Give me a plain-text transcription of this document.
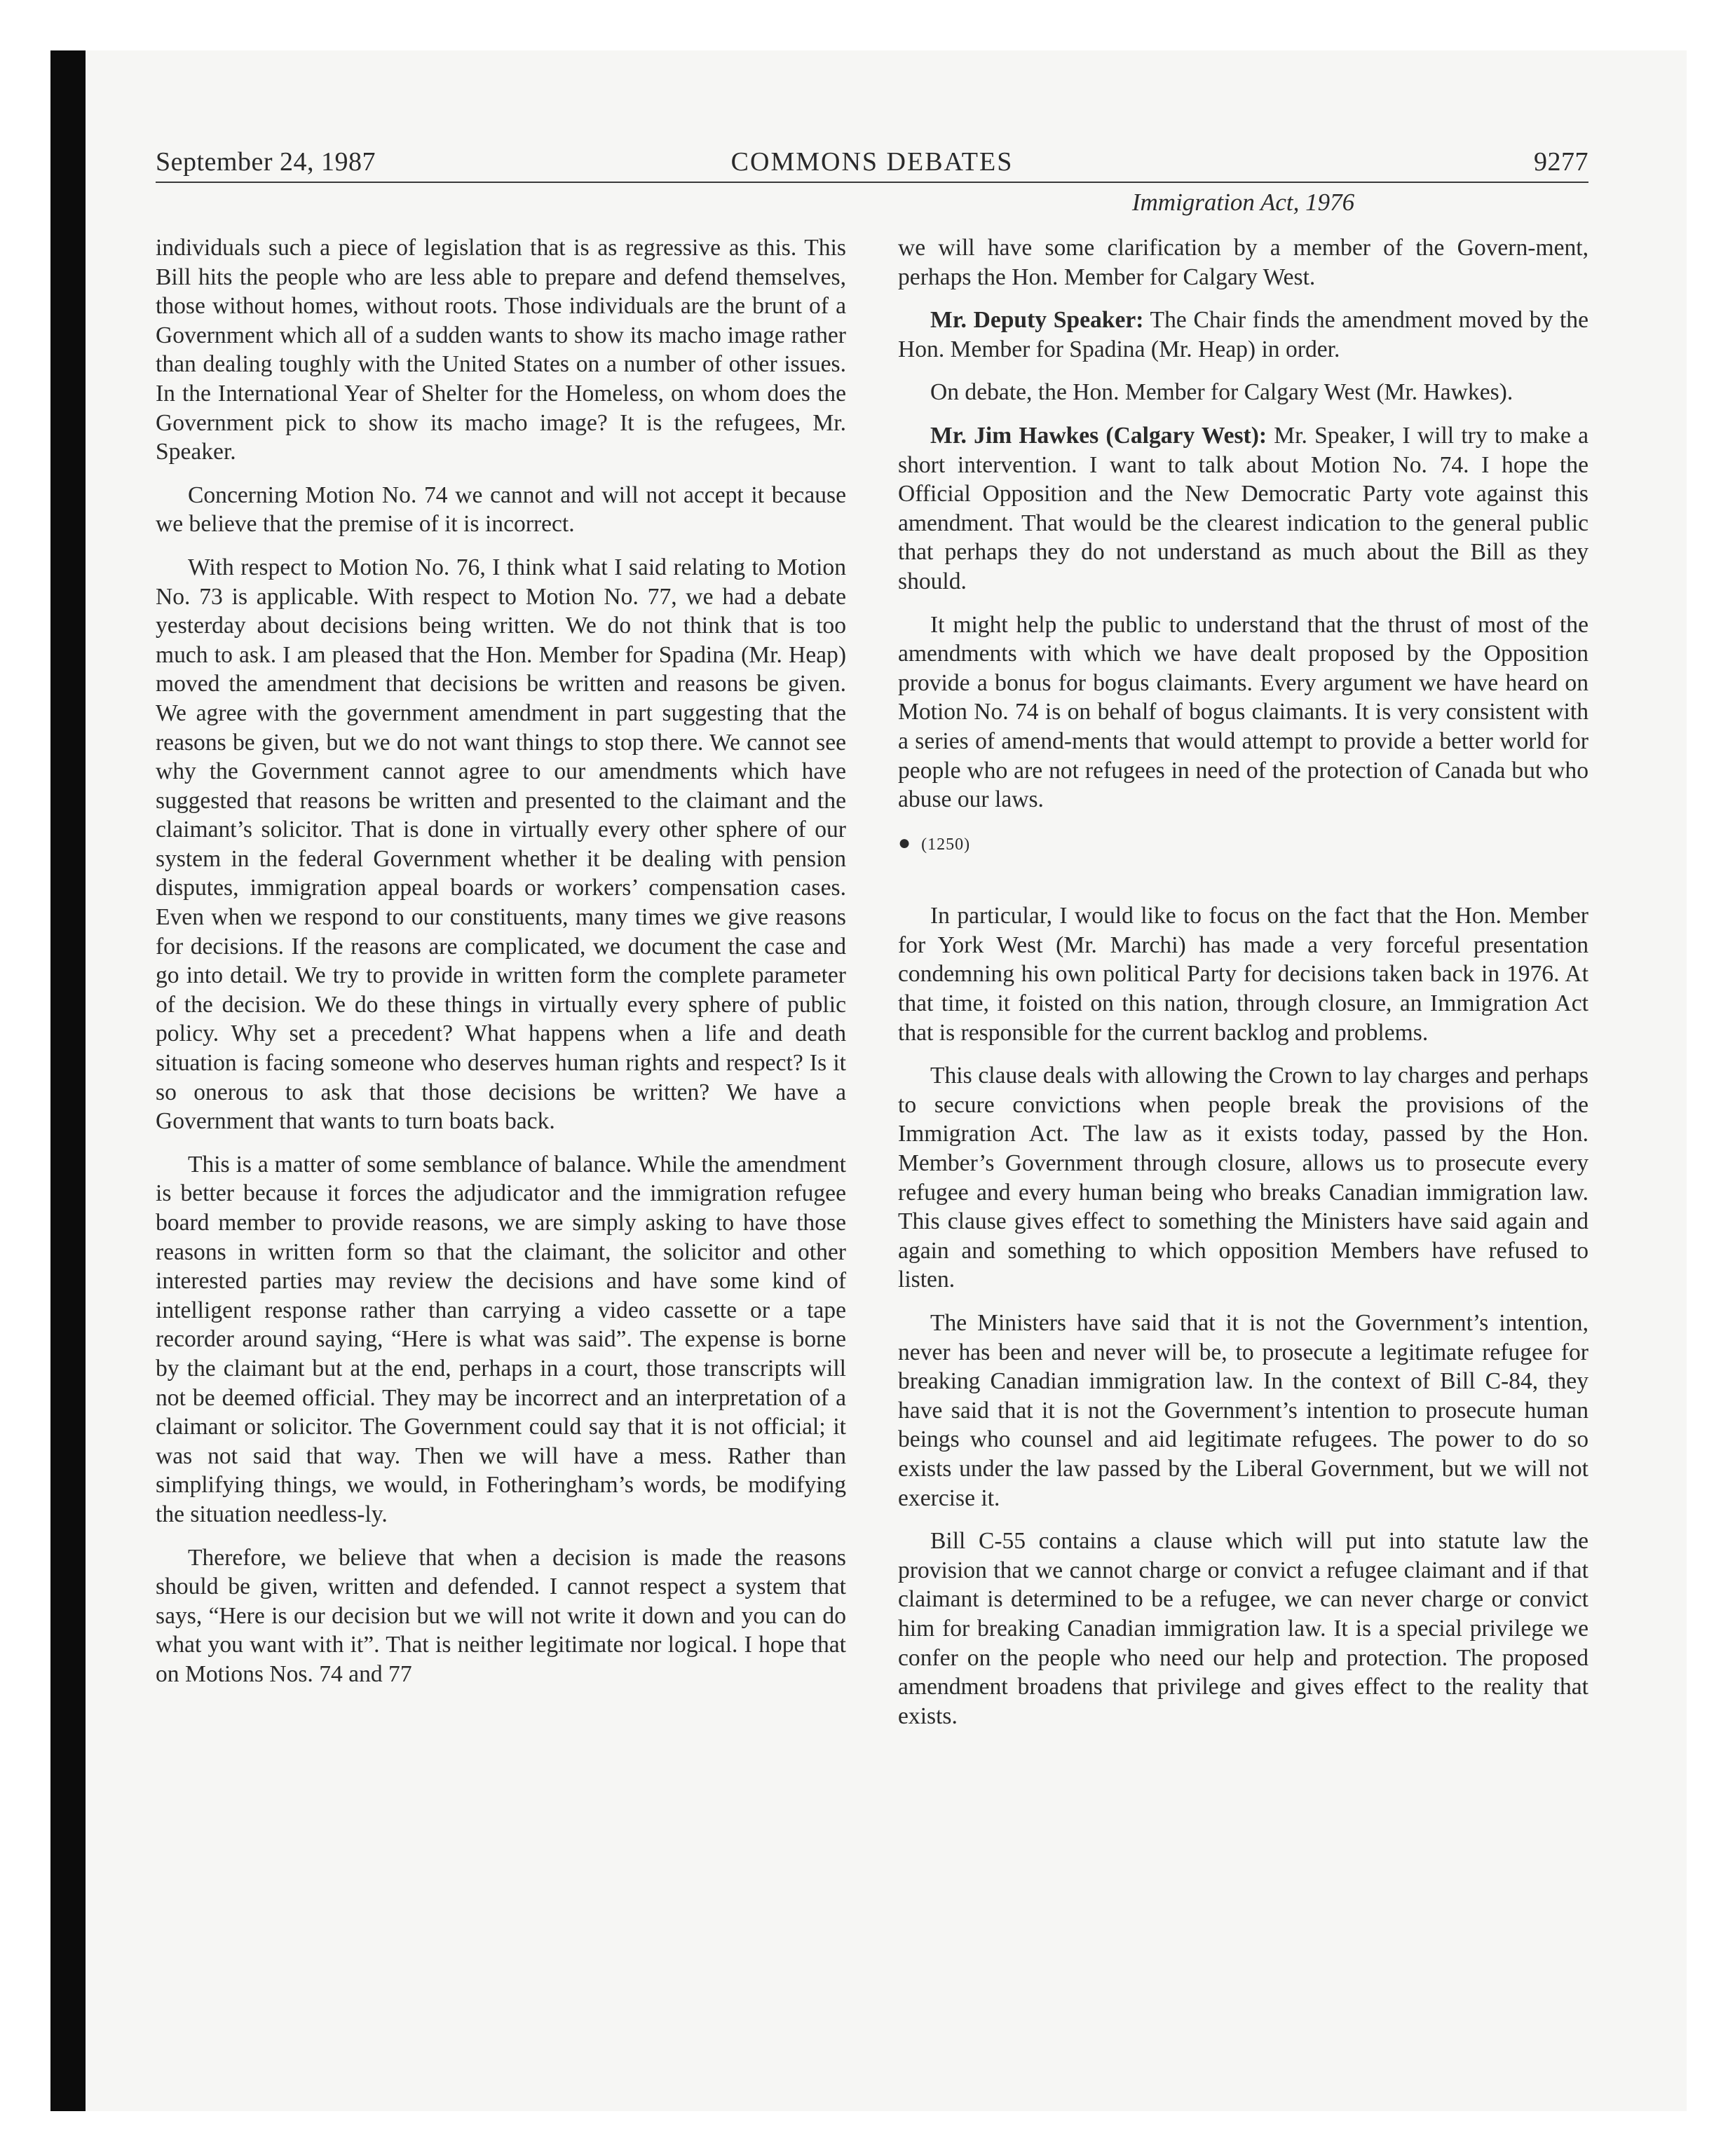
September 24, 1987	COMMONS DEBATES	9277

individuals such a piece of legislation that is as regressive as this. This Bill hits the people who are less able to prepare and defend themselves, those without homes, without roots. Those individuals are the brunt of a Government which all of a sudden wants to show its macho image rather than dealing toughly with the United States on a number of other issues. In the International Year of Shelter for the Homeless, on whom does the Government pick to show its macho image? It is the refugees, Mr. Speaker.

Concerning Motion No. 74 we cannot and will not accept it because we believe that the premise of it is incorrect.

With respect to Motion No. 76, I think what I said relating to Motion No. 73 is applicable. With respect to Motion No. 77, we had a debate yesterday about decisions being written. We do not think that is too much to ask. I am pleased that the Hon. Member for Spadina (Mr. Heap) moved the amendment that decisions be written and reasons be given. We agree with the government amendment in part suggesting that the reasons be given, but we do not want things to stop there. We cannot see why the Government cannot agree to our amendments which have suggested that reasons be written and presented to the claimant and the claimant’s solicitor. That is done in virtually every other sphere of our system in the federal Government whether it be dealing with pension disputes, immigration appeal boards or workers’ compensation cases. Even when we respond to our constituents, many times we give reasons for decisions. If the reasons are complicated, we document the case and go into detail. We try to provide in written form the complete parameter of the decision. We do these things in virtually every sphere of public policy. Why set a precedent? What happens when a life and death situation is facing someone who deserves human rights and respect? Is it so onerous to ask that those decisions be written? We have a Government that wants to turn boats back.

This is a matter of some semblance of balance. While the amendment is better because it forces the adjudicator and the immigration refugee board member to provide reasons, we are simply asking to have those reasons in written form so that the claimant, the solicitor and other interested parties may review the decisions and have some kind of intelligent response rather than carrying a video cassette or a tape recorder around saying, “Here is what was said”. The expense is borne by the claimant but at the end, perhaps in a court, those transcripts will not be deemed official. They may be incorrect and an interpretation of a claimant or solicitor. The Government could say that it is not official; it was not said that way. Then we will have a mess. Rather than simplifying things, we would, in Fotheringham’s words, be modifying the situation needless-ly.

Therefore, we believe that when a decision is made the reasons should be given, written and defended. I cannot respect a system that says, “Here is our decision but we will not write it down and you can do what you want with it”. That is neither legitimate nor logical. I hope that on Motions Nos. 74 and 77

Immigration Act, 1976

we will have some clarification by a member of the Govern-ment, perhaps the Hon. Member for Calgary West.

Mr. Deputy Speaker: The Chair finds the amendment moved by the Hon. Member for Spadina (Mr. Heap) in order.

On debate, the Hon. Member for Calgary West (Mr. Hawkes).

Mr. Jim Hawkes (Calgary West): Mr. Speaker, I will try to make a short intervention. I want to talk about Motion No. 74. I hope the Official Opposition and the New Democratic Party vote against this amendment. That would be the clearest indication to the general public that perhaps they do not understand as much about the Bill as they should.

It might help the public to understand that the thrust of most of the amendments with which we have dealt proposed by the Opposition provide a bonus for bogus claimants. Every argument we have heard on Motion No. 74 is on behalf of bogus claimants. It is very consistent with a series of amend-ments that would attempt to provide a better world for people who are not refugees in need of the protection of Canada but who abuse our laws.

● (1250)

In particular, I would like to focus on the fact that the Hon. Member for York West (Mr. Marchi) has made a very forceful presentation condemning his own political Party for decisions taken back in 1976. At that time, it foisted on this nation, through closure, an Immigration Act that is responsible for the current backlog and problems.

This clause deals with allowing the Crown to lay charges and perhaps to secure convictions when people break the provisions of the Immigration Act. The law as it exists today, passed by the Hon. Member’s Government through closure, allows us to prosecute every refugee and every human being who breaks Canadian immigration law. This clause gives effect to something the Ministers have said again and again and something to which opposition Members have refused to listen.

The Ministers have said that it is not the Government’s intention, never has been and never will be, to prosecute a legitimate refugee for breaking Canadian immigration law. In the context of Bill C-84, they have said that it is not the Government’s intention to prosecute human beings who counsel and aid legitimate refugees. The power to do so exists under the law passed by the Liberal Government, but we will not exercise it.

Bill C-55 contains a clause which will put into statute law the provision that we cannot charge or convict a refugee claimant and if that claimant is determined to be a refugee, we can never charge or convict him for breaking Canadian immigration law. It is a special privilege we confer on the people who need our help and protection. The proposed amendment broadens that privilege and gives effect to the reality that exists.
